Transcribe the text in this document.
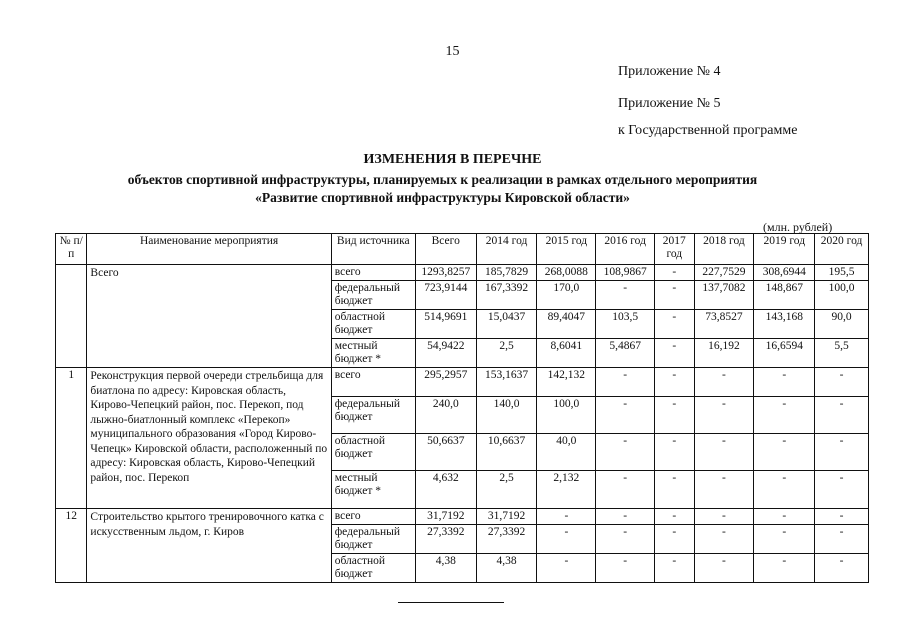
15
Приложение № 4
Приложение № 5
к Государственной программе
ИЗМЕНЕНИЯ В ПЕРЕЧНЕ
объектов спортивной инфраструктуры, планируемых к реализации в рамках отдельного мероприятия
«Развитие спортивной инфраструктуры Кировской области»
(млн. рублей)
№ п/п	Наименование мероприятия	Вид источника	Всего	2014 год	2015 год	2016 год	2017 год	2018 год	2019 год	2020 год
	Всего	всего	1293,8257	185,7829	268,0088	108,9867	-	227,7529	308,6944	195,5
		федеральный бюджет	723,9144	167,3392	170,0	-	-	137,7082	148,867	100,0
		областной бюджет	514,9691	15,0437	89,4047	103,5	-	73,8527	143,168	90,0
		местный бюджет *	54,9422	2,5	8,6041	5,4867	-	16,192	16,6594	5,5
1	Реконструкция первой очереди стрельбища для биатлона по адресу: Кировская область, Кирово-Чепецкий район, пос. Перекоп, под лыжно-биатлонный комплекс «Перекоп» муниципального образования «Город Кирово-Чепецк» Кировской области, расположенный по адресу: Кировская область, Кирово-Чепецкий район, пос. Перекоп	всего	295,2957	153,1637	142,132	-	-	-	-	-
		федеральный бюджет	240,0	140,0	100,0	-	-	-	-	-
		областной бюджет	50,6637	10,6637	40,0	-	-	-	-	-
		местный бюджет *	4,632	2,5	2,132	-	-	-	-	-
12	Строительство крытого тренировочного катка с искусственным льдом, г. Киров	всего	31,7192	31,7192	-	-	-	-	-	-
		федеральный бюджет	27,3392	27,3392	-	-	-	-	-	-
		областной бюджет	4,38	4,38	-	-	-	-	-	-
